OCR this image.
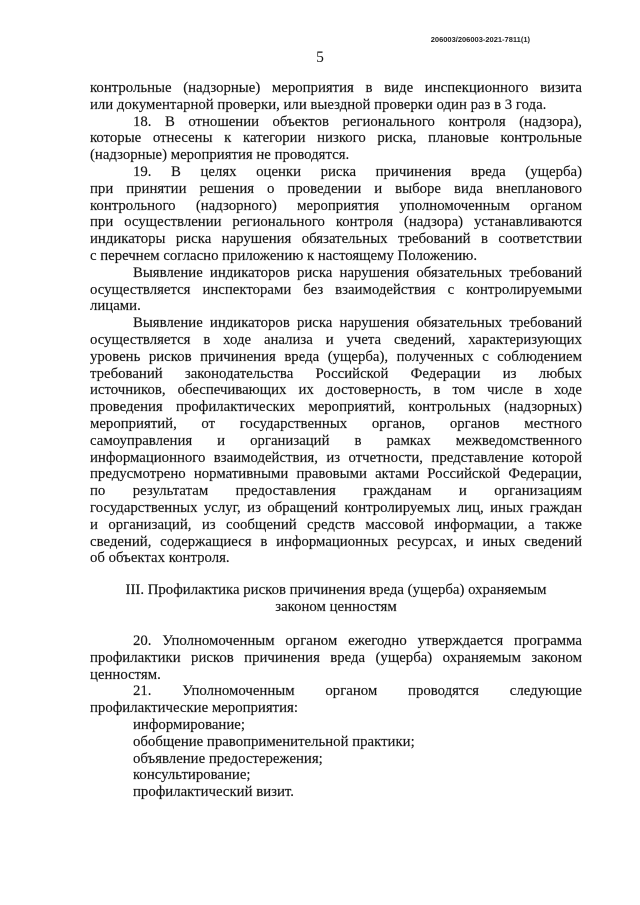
206003/206003-2021-7811(1)
5
контрольные (надзорные) мероприятия в виде инспекционного визита
или документарной проверки, или выездной проверки один раз в 3 года.
18. В отношении объектов регионального контроля (надзора),
которые отнесены к категории низкого риска, плановые контрольные
(надзорные) мероприятия не проводятся.
19. В целях оценки риска причинения вреда (ущерба)
при принятии решения о проведении и выборе вида внепланового
контрольного (надзорного) мероприятия уполномоченным органом
при осуществлении регионального контроля (надзора) устанавливаются
индикаторы риска нарушения обязательных требований в соответствии
с перечнем согласно приложению к настоящему Положению.
Выявление индикаторов риска нарушения обязательных требований
осуществляется инспекторами без взаимодействия с контролируемыми
лицами.
Выявление индикаторов риска нарушения обязательных требований
осуществляется в ходе анализа и учета сведений, характеризующих
уровень рисков причинения вреда (ущерба), полученных с соблюдением
требований законодательства Российской Федерации из любых
источников, обеспечивающих их достоверность, в том числе в ходе
проведения профилактических мероприятий, контрольных (надзорных)
мероприятий, от государственных органов, органов местного
самоуправления и организаций в рамках межведомственного
информационного взаимодействия, из отчетности, представление которой
предусмотрено нормативными правовыми актами Российской Федерации,
по результатам предоставления гражданам и организациям
государственных услуг, из обращений контролируемых лиц, иных граждан
и организаций, из сообщений средств массовой информации, а также
сведений, содержащиеся в информационных ресурсах, и иных сведений
об объектах контроля.
III. Профилактика рисков причинения вреда (ущерба) охраняемым
законом ценностям
20. Уполномоченным органом ежегодно утверждается программа
профилактики рисков причинения вреда (ущерба) охраняемым законом
ценностям.
21. Уполномоченным органом проводятся следующие
профилактические мероприятия:
информирование;
обобщение правоприменительной практики;
объявление предостережения;
консультирование;
профилактический визит.
